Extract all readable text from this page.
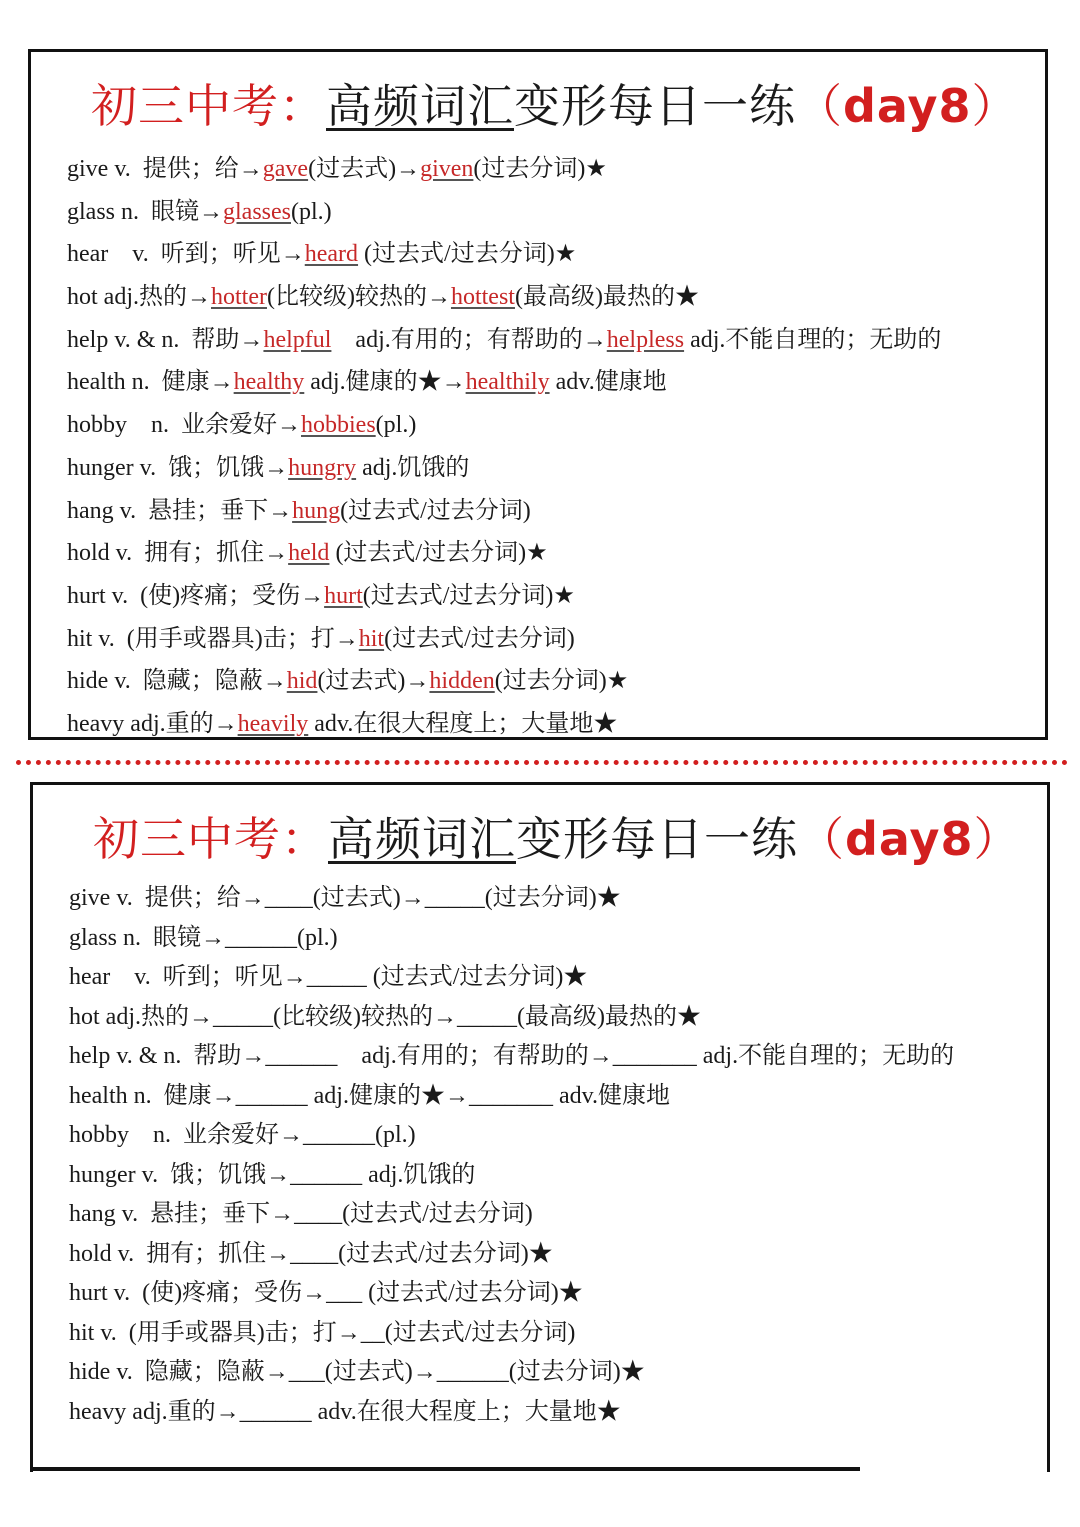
初三中考：高频词汇变形每日一练（day8）
give v.  提供；给→gave(过去式)→given(过去分词)★
glass n.  眼镜→glasses(pl.)
hear    v.  听到；听见→heard (过去式/过去分词)★
hot adj.热的→hotter(比较级)较热的→hottest(最高级)最热的★
help v. & n.  帮助→helpful    adj.有用的；有帮助的→helpless adj.不能自理的；无助的
health n.  健康→healthy adj.健康的★→healthily adv.健康地
hobby    n.  业余爱好→hobbies(pl.)
hunger v.  饿；饥饿→hungry adj.饥饿的
hang v.  悬挂；垂下→hung(过去式/过去分词)
hold v.  拥有；抓住→held (过去式/过去分词)★
hurt v.  (使)疼痛；受伤→hurt(过去式/过去分词)★
hit v.  (用手或器具)击；打→hit(过去式/过去分词)
hide v.  隐藏；隐蔽→hid(过去式)→hidden(过去分词)★
heavy adj.重的→heavily adv.在很大程度上；大量地★
初三中考：高频词汇变形每日一练（day8）
give v.  提供；给→____(过去式)→_____(过去分词)★
glass n.  眼镜→______(pl.)
hear    v.  听到；听见→_____ (过去式/过去分词)★
hot adj.热的→_____(比较级)较热的→_____(最高级)最热的★
help v. & n.  帮助→______    adj.有用的；有帮助的→_______ adj.不能自理的；无助的
health n.  健康→______ adj.健康的★→_______ adv.健康地
hobby    n.  业余爱好→______(pl.)
hunger v.  饿；饥饿→______ adj.饥饿的
hang v.  悬挂；垂下→____(过去式/过去分词)
hold v.  拥有；抓住→____(过去式/过去分词)★
hurt v.  (使)疼痛；受伤→___ (过去式/过去分词)★
hit v.  (用手或器具)击；打→__(过去式/过去分词)
hide v.  隐藏；隐蔽→___(过去式)→______(过去分词)★
heavy adj.重的→______ adv.在很大程度上；大量地★
